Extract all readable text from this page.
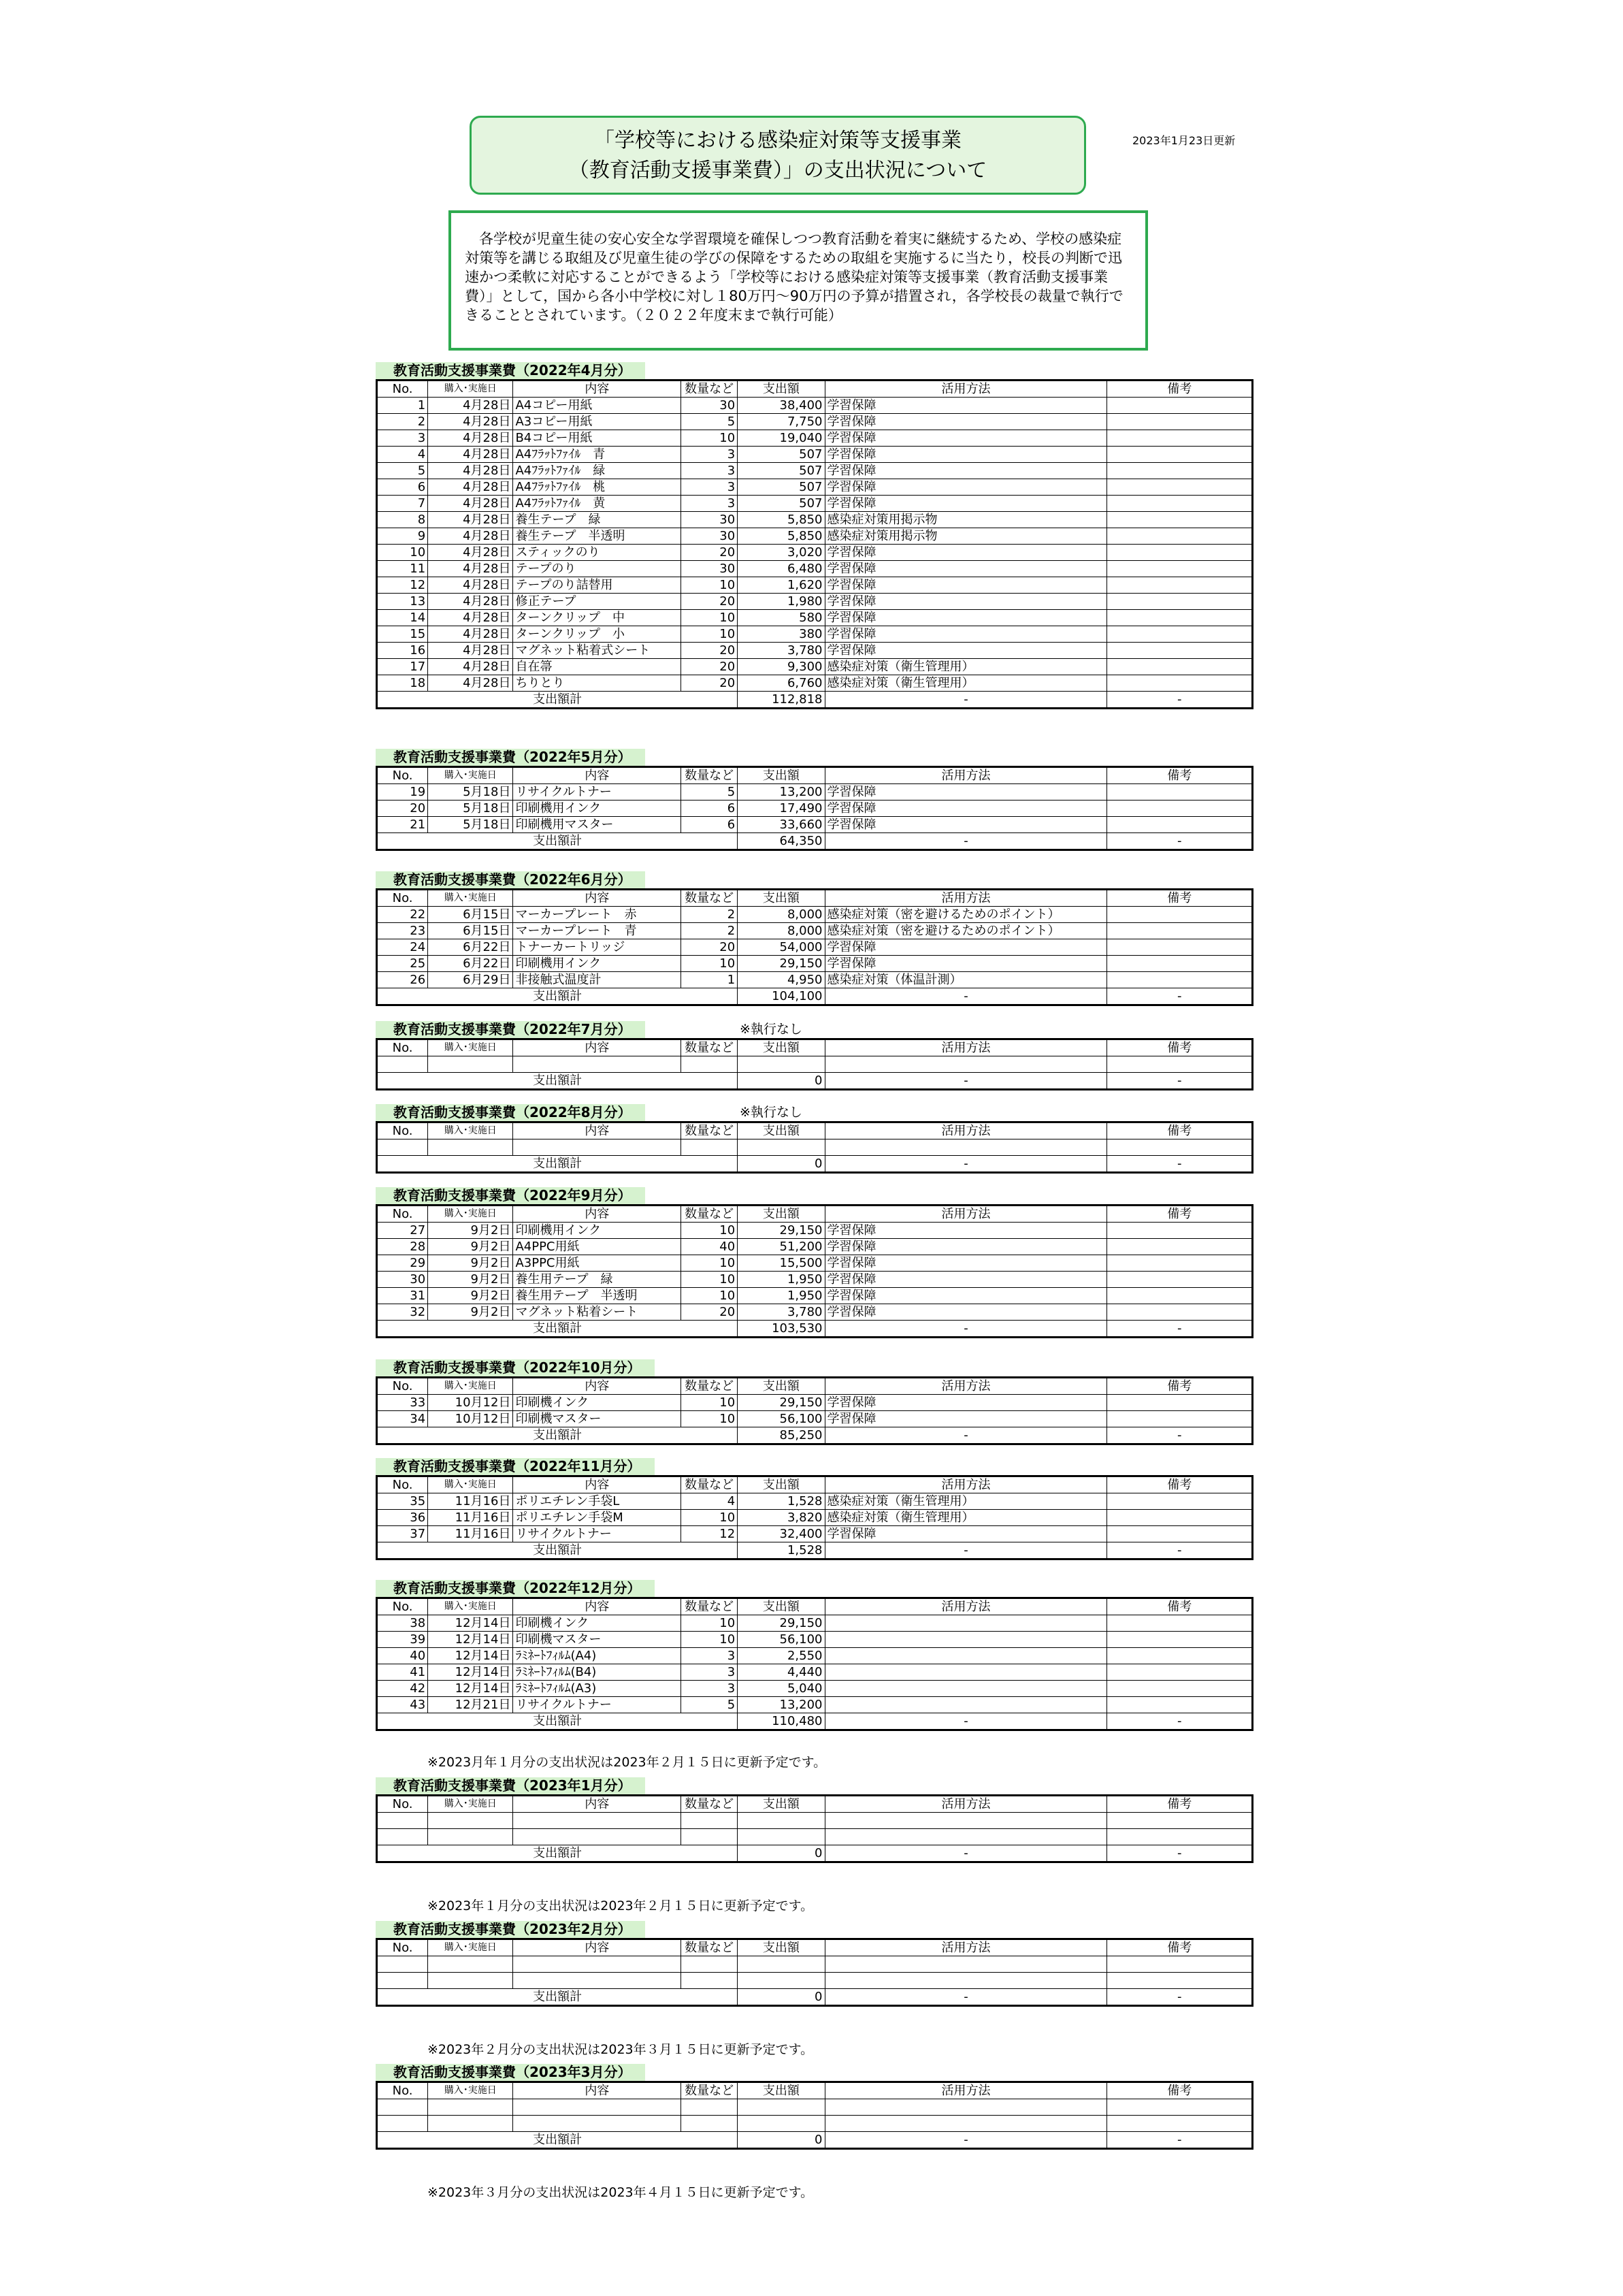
「学校等における感染症対策等支援事業
（教育活動支援事業費）」の支出状況について
2023年1月23日更新

　各学校が児童生徒の安心安全な学習環境を確保しつつ教育活動を着実に継続するため、学校の感染症対策等を講じる取組及び児童生徒の学びの保障をするための取組を実施するに当たり，校長の判断で迅速かつ柔軟に対応することができるよう「学校等における感染症対策等支援事業（教育活動支援事業費）」として，国から各小中学校に対し１80万円～90万円の予算が措置され，各学校長の裁量で執行できることとされています。（２０２２年度末まで執行可能）

教育活動支援事業費（2022年4月分）
No.	購入･実施日	内容	数量など	支出額	活用方法	備考
1	4月28日	A4コピー用紙	30	38,400	学習保障	
2	4月28日	A3コピー用紙	5	7,750	学習保障	
3	4月28日	B4コピー用紙	10	19,040	学習保障	
4	4月28日	A4ﾌﾗｯﾄﾌｧｲﾙ　青	3	507	学習保障	
5	4月28日	A4ﾌﾗｯﾄﾌｧｲﾙ　緑	3	507	学習保障	
6	4月28日	A4ﾌﾗｯﾄﾌｧｲﾙ　桃	3	507	学習保障	
7	4月28日	A4ﾌﾗｯﾄﾌｧｲﾙ　黄	3	507	学習保障	
8	4月28日	養生テープ　緑	30	5,850	感染症対策用掲示物	
9	4月28日	養生テープ　半透明	30	5,850	感染症対策用掲示物	
10	4月28日	スティックのり	20	3,020	学習保障	
11	4月28日	テープのり	30	6,480	学習保障	
12	4月28日	テープのり詰替用	10	1,620	学習保障	
13	4月28日	修正テープ	20	1,980	学習保障	
14	4月28日	ターンクリップ　中	10	580	学習保障	
15	4月28日	ターンクリップ　小	10	380	学習保障	
16	4月28日	マグネット粘着式シート	20	3,780	学習保障	
17	4月28日	自在箒	20	9,300	感染症対策（衛生管理用）	
18	4月28日	ちりとり	20	6,760	感染症対策（衛生管理用）	
支出額計				112,818	-	-
教育活動支援事業費（2022年5月分）
No.	購入･実施日	内容	数量など	支出額	活用方法	備考
19	5月18日	リサイクルトナー	5	13,200	学習保障	
20	5月18日	印刷機用インク	6	17,490	学習保障	
21	5月18日	印刷機用マスター	6	33,660	学習保障	
支出額計				64,350	-	-
教育活動支援事業費（2022年6月分）
No.	購入･実施日	内容	数量など	支出額	活用方法	備考
22	6月15日	マーカープレート　赤	2	8,000	感染症対策（密を避けるためのポイント）	
23	6月15日	マーカープレート　青	2	8,000	感染症対策（密を避けるためのポイント）	
24	6月22日	トナーカートリッジ	20	54,000	学習保障	
25	6月22日	印刷機用インク	10	29,150	学習保障	
26	6月29日	非接触式温度計	1	4,950	感染症対策（体温計測）	
支出額計				104,100	-	-
教育活動支援事業費（2022年7月分）	※執行なし
No.	購入･実施日	内容	数量など	支出額	活用方法	備考

支出額計				0	-	-
教育活動支援事業費（2022年8月分）	※執行なし
No.	購入･実施日	内容	数量など	支出額	活用方法	備考

支出額計				0	-	-
教育活動支援事業費（2022年9月分）
No.	購入･実施日	内容	数量など	支出額	活用方法	備考
27	9月2日	印刷機用インク	10	29,150	学習保障	
28	9月2日	A4PPC用紙	40	51,200	学習保障	
29	9月2日	A3PPC用紙	10	15,500	学習保障	
30	9月2日	養生用テープ　緑	10	1,950	学習保障	
31	9月2日	養生用テープ　半透明	10	1,950	学習保障	
32	9月2日	マグネット粘着シート	20	3,780	学習保障	
支出額計				103,530	-	-
教育活動支援事業費（2022年10月分）
No.	購入･実施日	内容	数量など	支出額	活用方法	備考
33	10月12日	印刷機インク	10	29,150	学習保障	
34	10月12日	印刷機マスター	10	56,100	学習保障	
支出額計				85,250	-	-
教育活動支援事業費（2022年11月分）
No.	購入･実施日	内容	数量など	支出額	活用方法	備考
35	11月16日	ポリエチレン手袋L	4	1,528	感染症対策（衛生管理用）	
36	11月16日	ポリエチレン手袋M	10	3,820	感染症対策（衛生管理用）	
37	11月16日	リサイクルトナー	12	32,400	学習保障	
支出額計				1,528	-	-
教育活動支援事業費（2022年12月分）
No.	購入･実施日	内容	数量など	支出額	活用方法	備考
38	12月14日	印刷機インク	10	29,150		
39	12月14日	印刷機マスター	10	56,100		
40	12月14日	ﾗﾐﾈｰﾄﾌｨﾙﾑ(A4)	3	2,550		
41	12月14日	ﾗﾐﾈｰﾄﾌｨﾙﾑ(B4)	3	4,440		
42	12月14日	ﾗﾐﾈｰﾄﾌｨﾙﾑ(A3)	3	5,040		
43	12月21日	リサイクルトナー	5	13,200		
支出額計				110,480	-	-
教育活動支援事業費（2023年1月分）
No.	購入･実施日	内容	数量など	支出額	活用方法	備考

支出額計				0	-	-
教育活動支援事業費（2023年2月分）
No.	購入･実施日	内容	数量など	支出額	活用方法	備考

支出額計				0	-	-
教育活動支援事業費（2023年3月分）
No.	購入･実施日	内容	数量など	支出額	活用方法	備考

支出額計				0	-	-
※2023月年１月分の支出状況は2023年２月１５日に更新予定です。
※2023年１月分の支出状況は2023年２月１５日に更新予定です。
※2023年２月分の支出状況は2023年３月１５日に更新予定です。
※2023年３月分の支出状況は2023年４月１５日に更新予定です。
